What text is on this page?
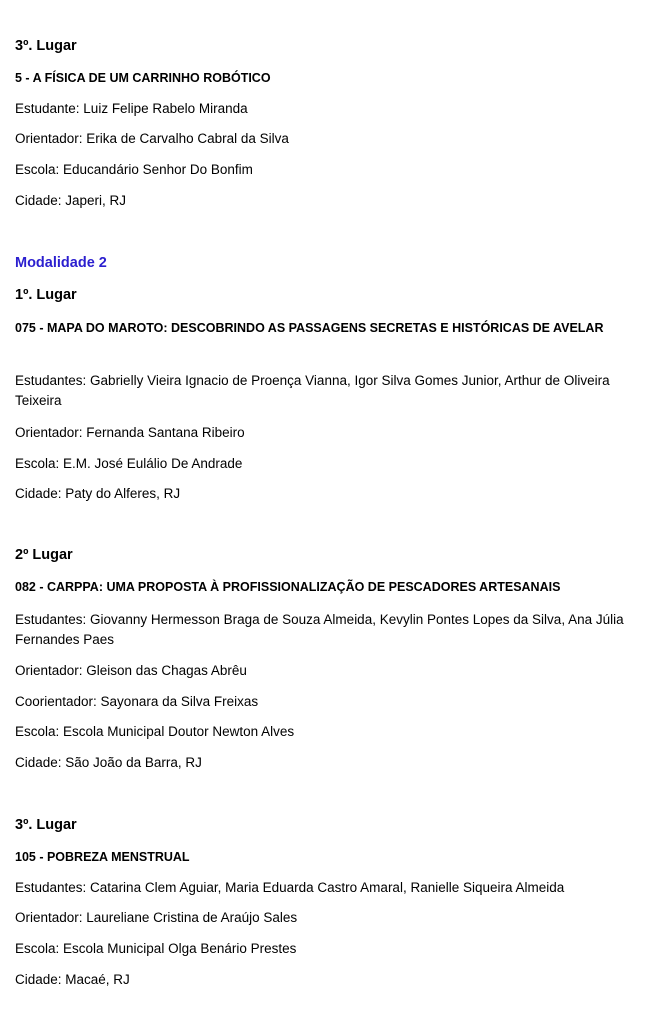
3º. Lugar
5 - A FÍSICA DE UM CARRINHO ROBÓTICO
Estudante: Luiz Felipe Rabelo Miranda
Orientador: Erika de Carvalho Cabral da Silva
Escola: Educandário Senhor Do Bonfim
Cidade: Japeri, RJ
Modalidade 2
1º. Lugar
075 - MAPA DO MAROTO: DESCOBRINDO AS PASSAGENS SECRETAS E HISTÓRICAS DE AVELAR
Estudantes: Gabrielly Vieira Ignacio de Proença Vianna, Igor Silva Gomes Junior, Arthur de Oliveira Teixeira
Orientador: Fernanda Santana Ribeiro
Escola: E.M. José Eulálio De Andrade
Cidade: Paty do Alferes, RJ
2º Lugar
082 - CARPPA: UMA PROPOSTA À PROFISSIONALIZAÇÃO DE PESCADORES ARTESANAIS
Estudantes: Giovanny Hermesson Braga de Souza Almeida, Kevylin Pontes Lopes da Silva, Ana Júlia Fernandes Paes
Orientador: Gleison das Chagas Abrêu
Coorientador: Sayonara da Silva Freixas
Escola: Escola Municipal Doutor Newton Alves
Cidade: São João da Barra, RJ
3º. Lugar
105 - POBREZA MENSTRUAL
Estudantes: Catarina Clem Aguiar, Maria Eduarda Castro Amaral, Ranielle Siqueira Almeida
Orientador: Laureliane Cristina de Araújo Sales
Escola: Escola Municipal Olga Benário Prestes
Cidade: Macaé, RJ
